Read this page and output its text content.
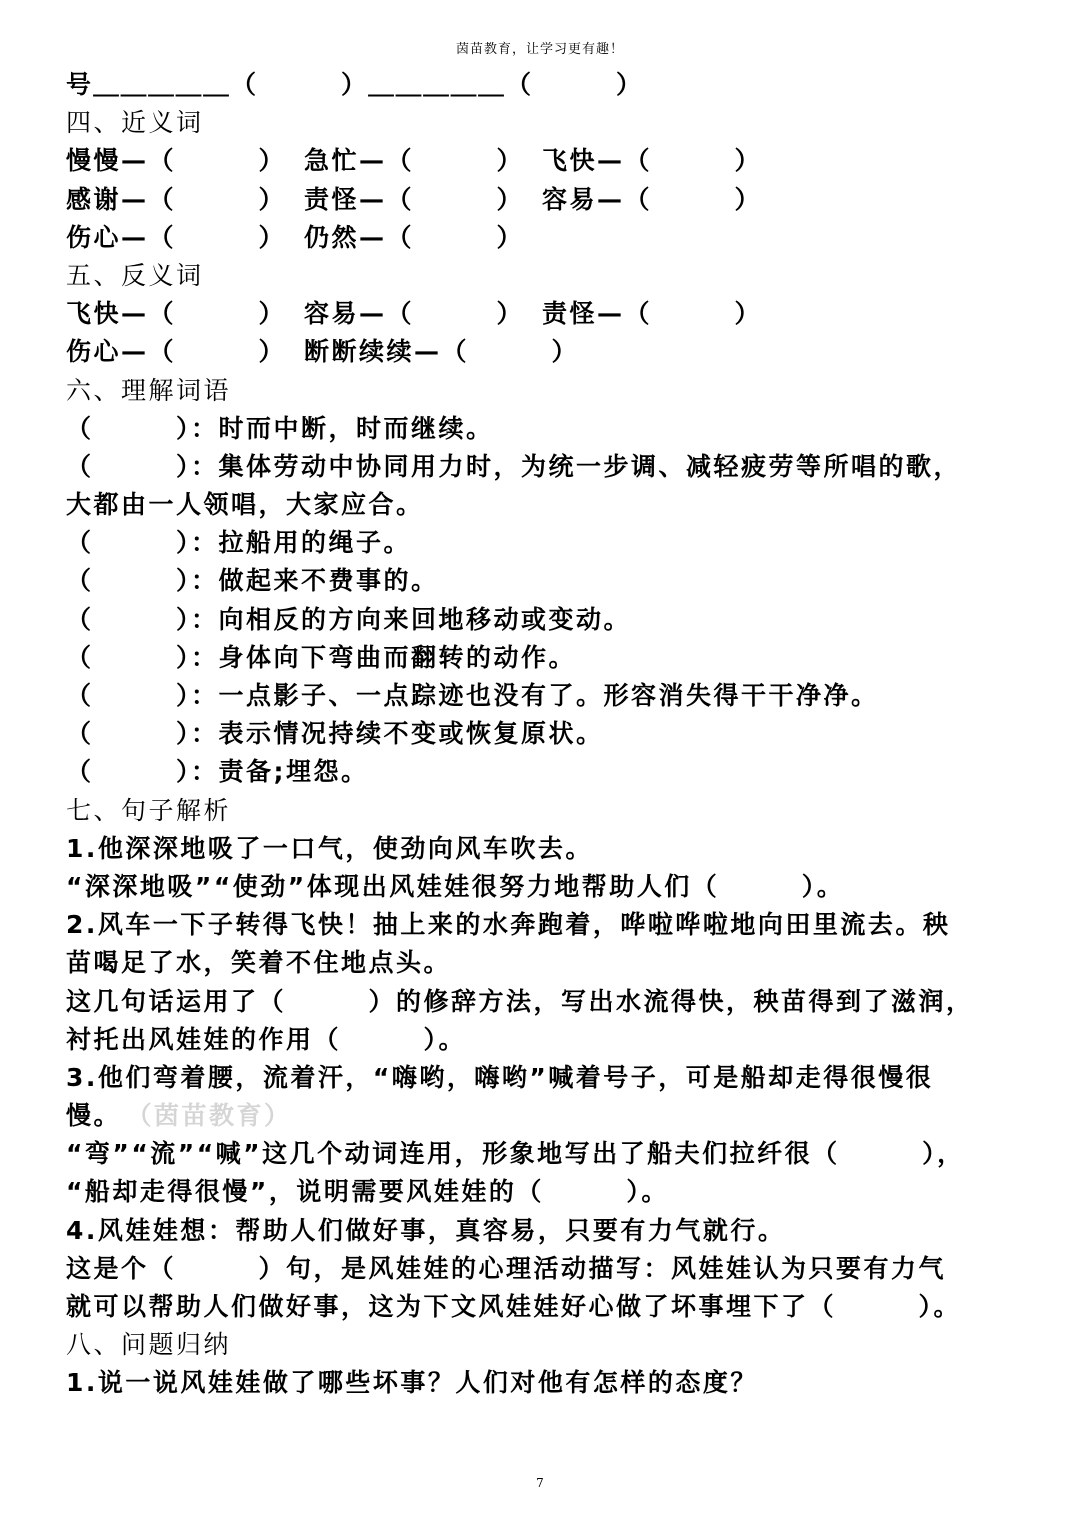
茵苗教育，让学习更有趣！
号＿＿＿＿＿（　　　）＿＿＿＿＿（　　　）
四、近义词
慢慢—（　　　） 急忙—（　　　） 飞快—（　　　）
感谢—（　　　） 责怪—（　　　） 容易—（　　　）
伤心—（　　　） 仍然—（　　　）
五、反义词
飞快—（　　　） 容易—（　　　） 责怪—（　　　）
伤心—（　　　） 断断续续—（　　　）
六、理解词语
（　　　）：时而中断，时而继续。
（　　　）：集体劳动中协同用力时，为统一步调、减轻疲劳等所唱的歌，
大都由一人领唱，大家应合。
（　　　）：拉船用的绳子。
（　　　）：做起来不费事的。
（　　　）：向相反的方向来回地移动或变动。
（　　　）：身体向下弯曲而翻转的动作。
（　　　）：一点影子、一点踪迹也没有了。形容消失得干干净净。
（　　　）：表示情况持续不变或恢复原状。
（　　　）：责备;埋怨。
七、句子解析
1.他深深地吸了一口气，使劲向风车吹去。
“深深地吸”“使劲”体现出风娃娃很努力地帮助人们（　　　）。
2.风车一下子转得飞快！抽上来的水奔跑着，哗啦哗啦地向田里流去。秧
苗喝足了水，笑着不住地点头。
这几句话运用了（　　　）的修辞方法，写出水流得快，秧苗得到了滋润，
衬托出风娃娃的作用（　　　）。
3.他们弯着腰，流着汗，“嗨哟，嗨哟”喊着号子，可是船却走得很慢很
慢。 （茵苗教育）
“弯”“流”“喊”这几个动词连用，形象地写出了船夫们拉纤很（　　　），
“船却走得很慢”，说明需要风娃娃的（　　　）。
4.风娃娃想：帮助人们做好事，真容易，只要有力气就行。
这是个（　　　）句，是风娃娃的心理活动描写：风娃娃认为只要有力气
就可以帮助人们做好事，这为下文风娃娃好心做了坏事埋下了（　　　）。
八、问题归纳
1.说一说风娃娃做了哪些坏事？人们对他有怎样的态度？
7
